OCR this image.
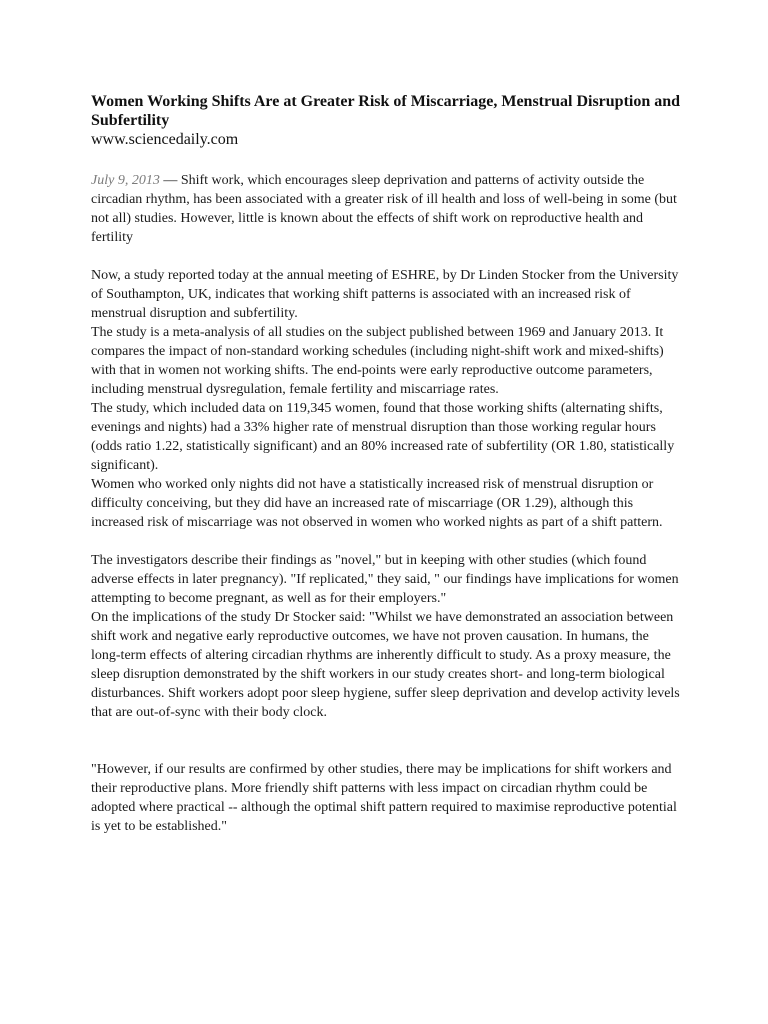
Women Working Shifts Are at Greater Risk of Miscarriage, Menstrual Disruption and Subfertility

www.sciencedaily.com

July 9, 2013 — Shift work, which encourages sleep deprivation and patterns of activity outside the circadian rhythm, has been associated with a greater risk of ill health and loss of well-being in some (but not all) studies. However, little is known about the effects of shift work on reproductive health and fertility

Now, a study reported today at the annual meeting of ESHRE, by Dr Linden Stocker from the University of Southampton, UK, indicates that working shift patterns is associated with an increased risk of menstrual disruption and subfertility.

The study is a meta-analysis of all studies on the subject published between 1969 and January 2013. It compares the impact of non-standard working schedules (including night-shift work and mixed-shifts) with that in women not working shifts. The end-points were early reproductive outcome parameters, including menstrual dysregulation, female fertility and miscarriage rates.

The study, which included data on 119,345 women, found that those working shifts (alternating shifts, evenings and nights) had a 33% higher rate of menstrual disruption than those working regular hours (odds ratio 1.22, statistically significant) and an 80% increased rate of subfertility (OR 1.80, statistically significant).

Women who worked only nights did not have a statistically increased risk of menstrual disruption or difficulty conceiving, but they did have an increased rate of miscarriage (OR 1.29), although this increased risk of miscarriage was not observed in women who worked nights as part of a shift pattern.

The investigators describe their findings as "novel," but in keeping with other studies (which found adverse effects in later pregnancy). "If replicated," they said, " our findings have implications for women attempting to become pregnant, as well as for their employers."

On the implications of the study Dr Stocker said: "Whilst we have demonstrated an association between shift work and negative early reproductive outcomes, we have not proven causation. In humans, the long-term effects of altering circadian rhythms are inherently difficult to study. As a proxy measure, the sleep disruption demonstrated by the shift workers in our study creates short- and long-term biological disturbances. Shift workers adopt poor sleep hygiene, suffer sleep deprivation and develop activity levels that are out-of-sync with their body clock.

"However, if our results are confirmed by other studies, there may be implications for shift workers and their reproductive plans. More friendly shift patterns with less impact on circadian rhythm could be adopted where practical -- although the optimal shift pattern required to maximise reproductive potential is yet to be established."
